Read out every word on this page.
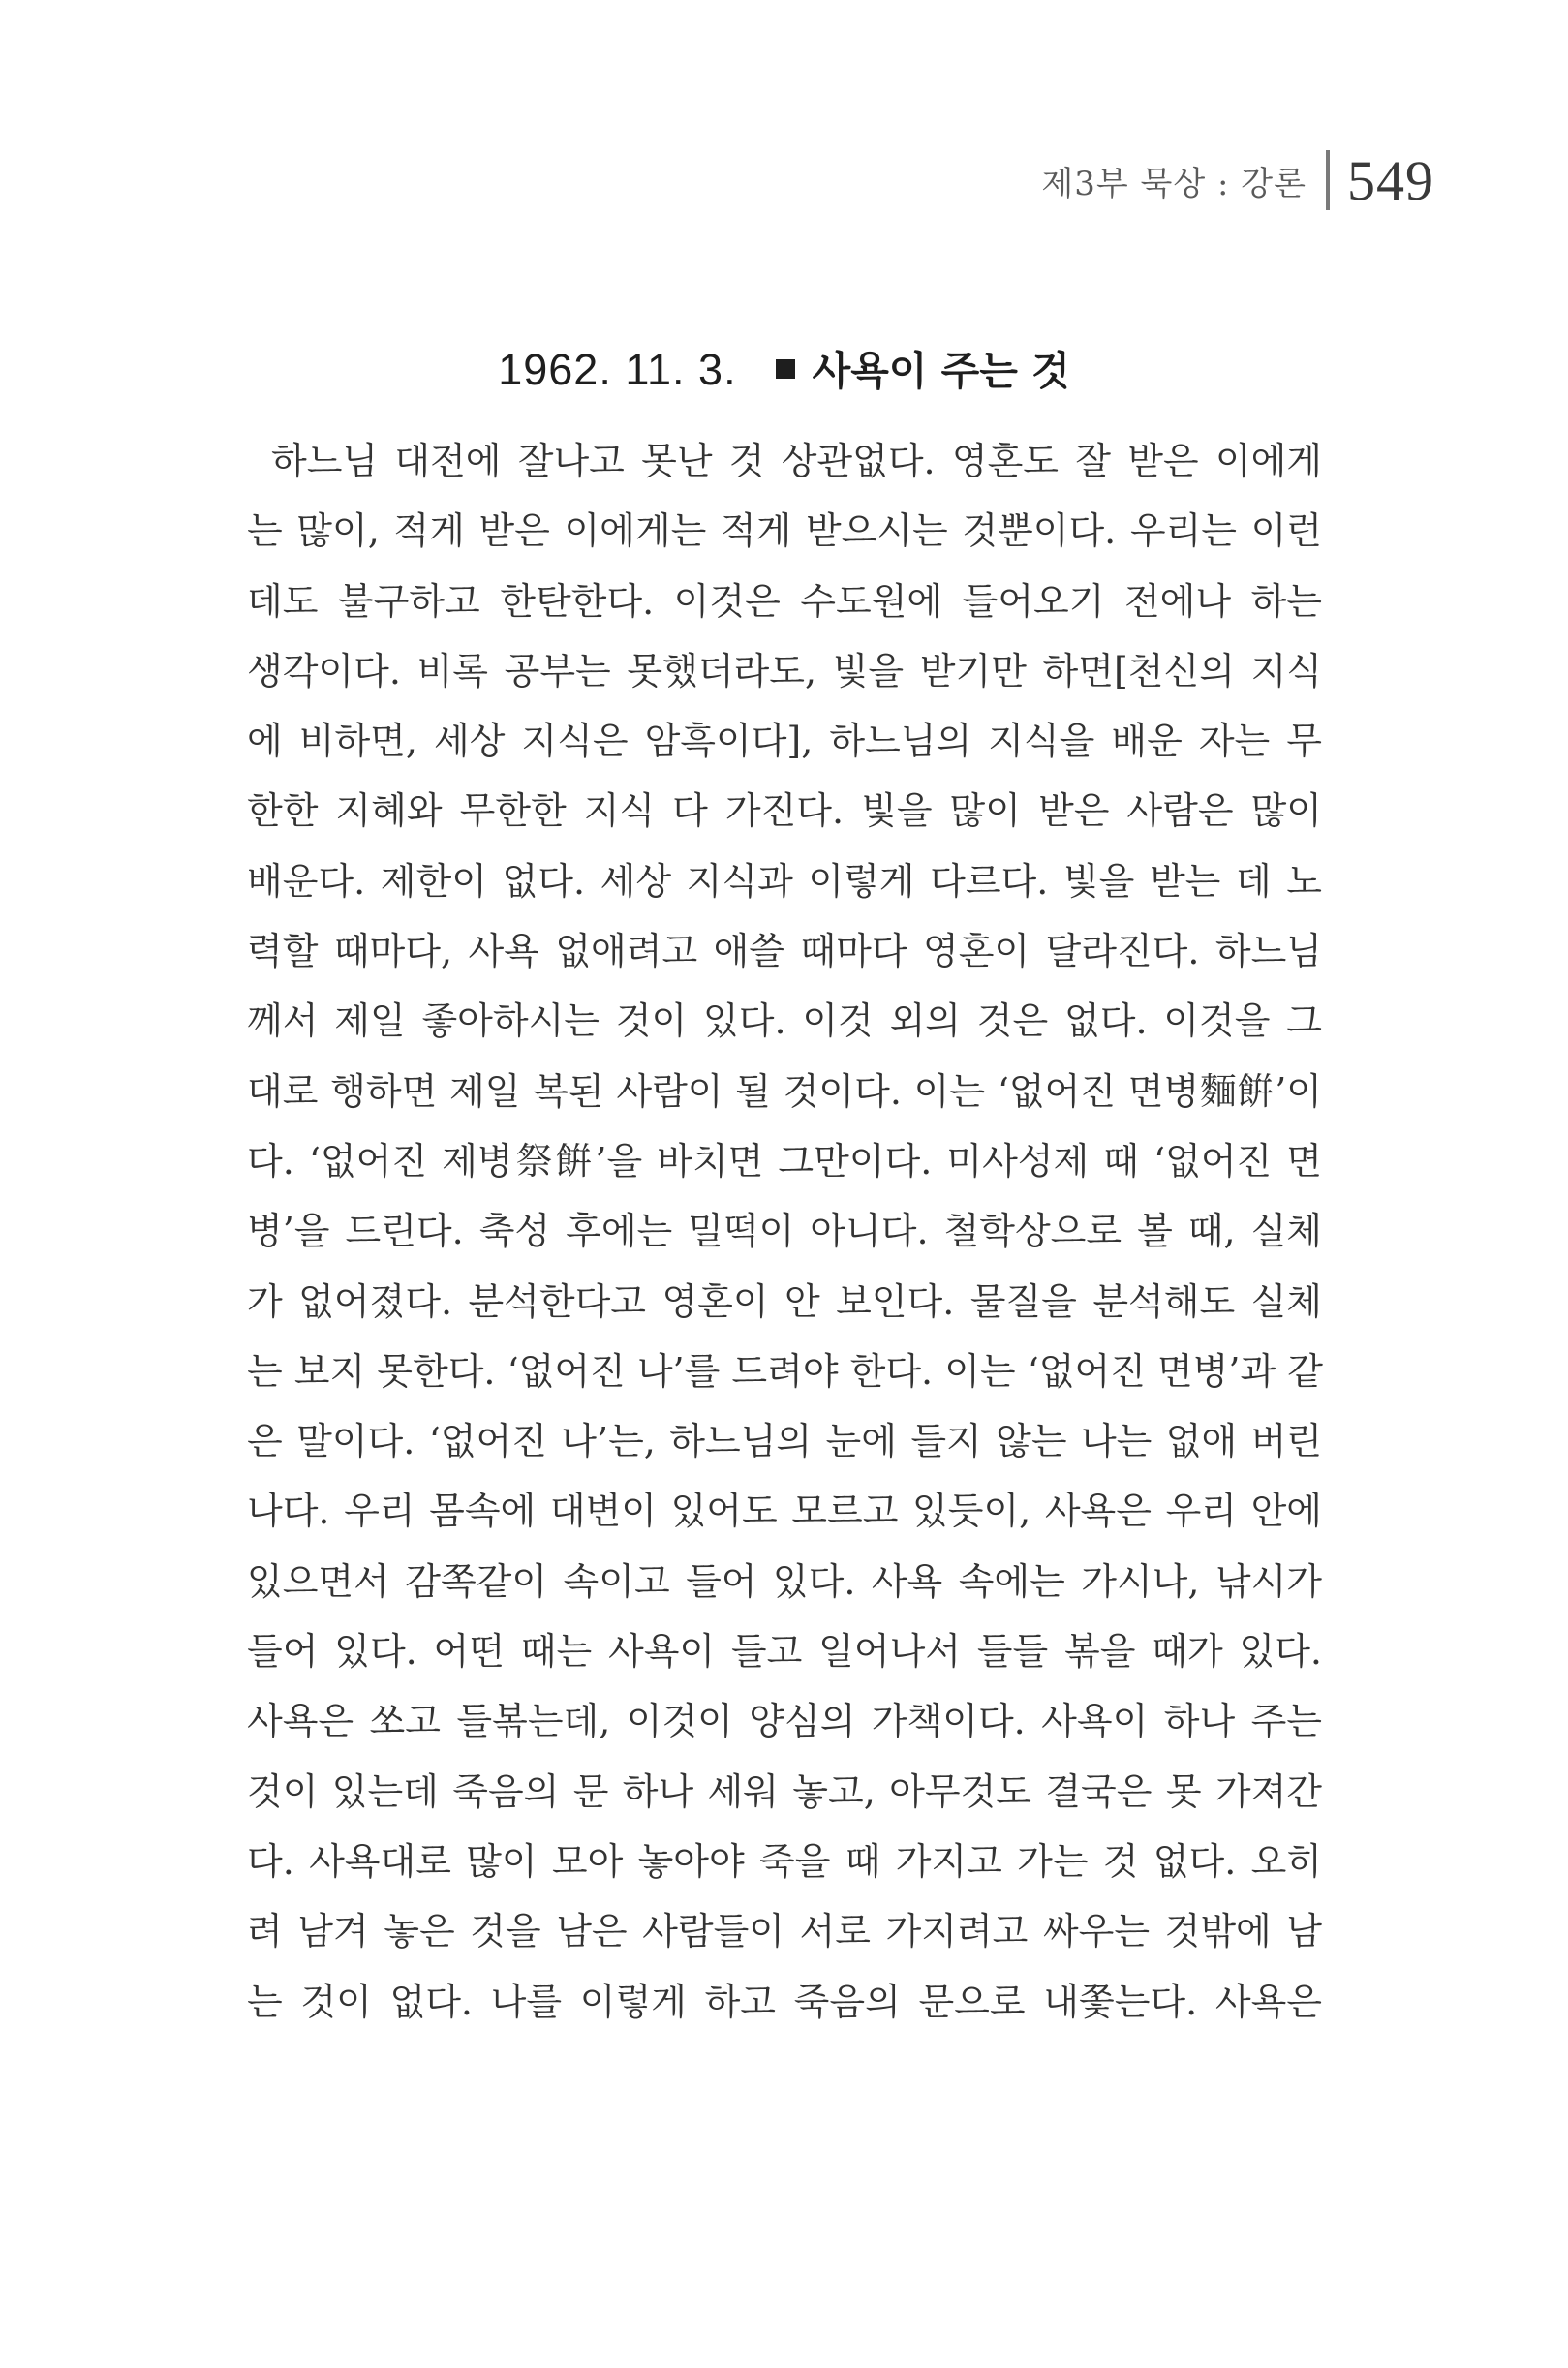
제3부 묵상 : 강론 549
1962. 11. 3. 사욕이 주는 것
하느님 대전에 잘나고 못난 것 상관없다. 영혼도 잘 받은 이에게
는 많이, 적게 받은 이에게는 적게 받으시는 것뿐이다. 우리는 이런
데도 불구하고 한탄한다. 이것은 수도원에 들어오기 전에나 하는
생각이다. 비록 공부는 못했더라도, 빛을 받기만 하면[천신의 지식
에 비하면, 세상 지식은 암흑이다], 하느님의 지식을 배운 자는 무
한한 지혜와 무한한 지식 다 가진다. 빛을 많이 받은 사람은 많이
배운다. 제한이 없다. 세상 지식과 이렇게 다르다. 빛을 받는 데 노
력할 때마다, 사욕 없애려고 애쓸 때마다 영혼이 달라진다. 하느님
께서 제일 좋아하시는 것이 있다. 이것 외의 것은 없다. 이것을 그
대로 행하면 제일 복된 사람이 될 것이다. 이는 ‘없어진 면병麵餠’이
다. ‘없어진 제병祭餠’을 바치면 그만이다. 미사성제 때 ‘없어진 면
병’을 드린다. 축성 후에는 밀떡이 아니다. 철학상으로 볼 때, 실체
가 없어졌다. 분석한다고 영혼이 안 보인다. 물질을 분석해도 실체
는 보지 못한다. ‘없어진 나’를 드려야 한다. 이는 ‘없어진 면병’과 같
은 말이다. ‘없어진 나’는, 하느님의 눈에 들지 않는 나는 없애 버린
나다. 우리 몸속에 대변이 있어도 모르고 있듯이, 사욕은 우리 안에
있으면서 감쪽같이 속이고 들어 있다. 사욕 속에는 가시나, 낚시가
들어 있다. 어떤 때는 사욕이 들고 일어나서 들들 볶을 때가 있다.
사욕은 쏘고 들볶는데, 이것이 양심의 가책이다. 사욕이 하나 주는
것이 있는데 죽음의 문 하나 세워 놓고, 아무것도 결국은 못 가져간
다. 사욕대로 많이 모아 놓아야 죽을 때 가지고 가는 것 없다. 오히
려 남겨 놓은 것을 남은 사람들이 서로 가지려고 싸우는 것밖에 남
는 것이 없다. 나를 이렇게 하고 죽음의 문으로 내쫓는다. 사욕은
